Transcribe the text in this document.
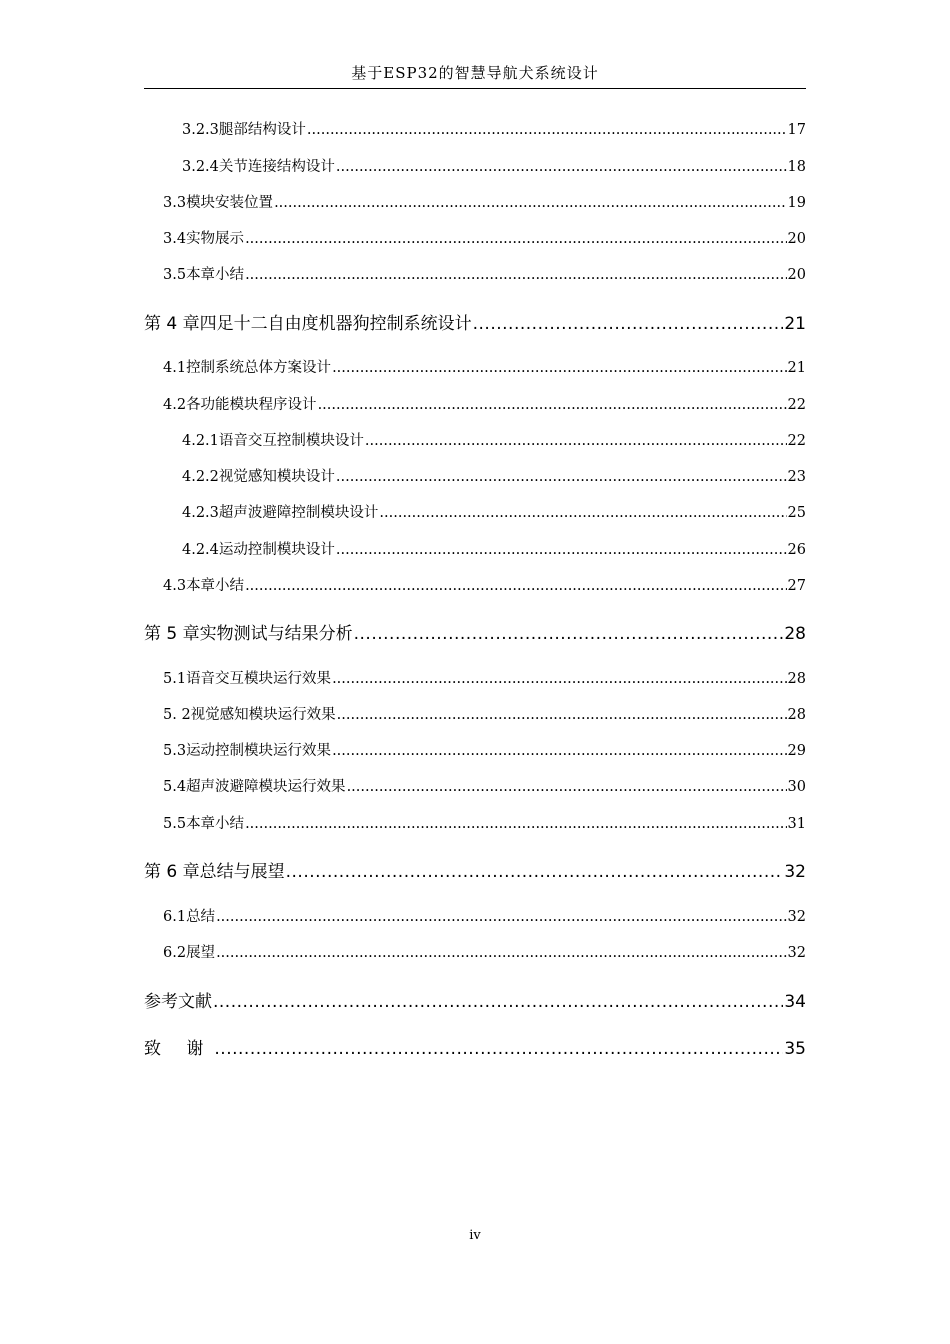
基于ESP32的智慧导航犬系统设计
3.2.3 腿部结构设计 .....	17
3.2.4 关节连接结构设计 .....	18
3.3 模块安装位置 .....	19
3.4 实物展示 .....	20
3.5 本章小结 .....	20
第 4 章 四足十二自由度机器狗控制系统设计 .....	21
4.1 控制系统总体方案设计 .....	21
4.2 各功能模块程序设计 .....	22
4.2.1 语音交互控制模块设计 .....	22
4.2.2 视觉感知模块设计 .....	23
4.2.3 超声波避障控制模块设计 .....	25
4.2.4 运动控制模块设计 .....	26
4.3 本章小结 .....	27
第 5 章 实物测试与结果分析 .....	28
5.1 语音交互模块运行效果 .....	28
5. 2 视觉感知模块运行效果 .....	28
5.3 运动控制模块运行效果 .....	29
5.4 超声波避障模块运行效果 .....	30
5.5 本章小结 .....	31
第 6 章 总结与展望 .....	32
6.1 总结 .....	32
6.2 展望 .....	32
参考文献 .....	34
致 谢 .....	35
iv
